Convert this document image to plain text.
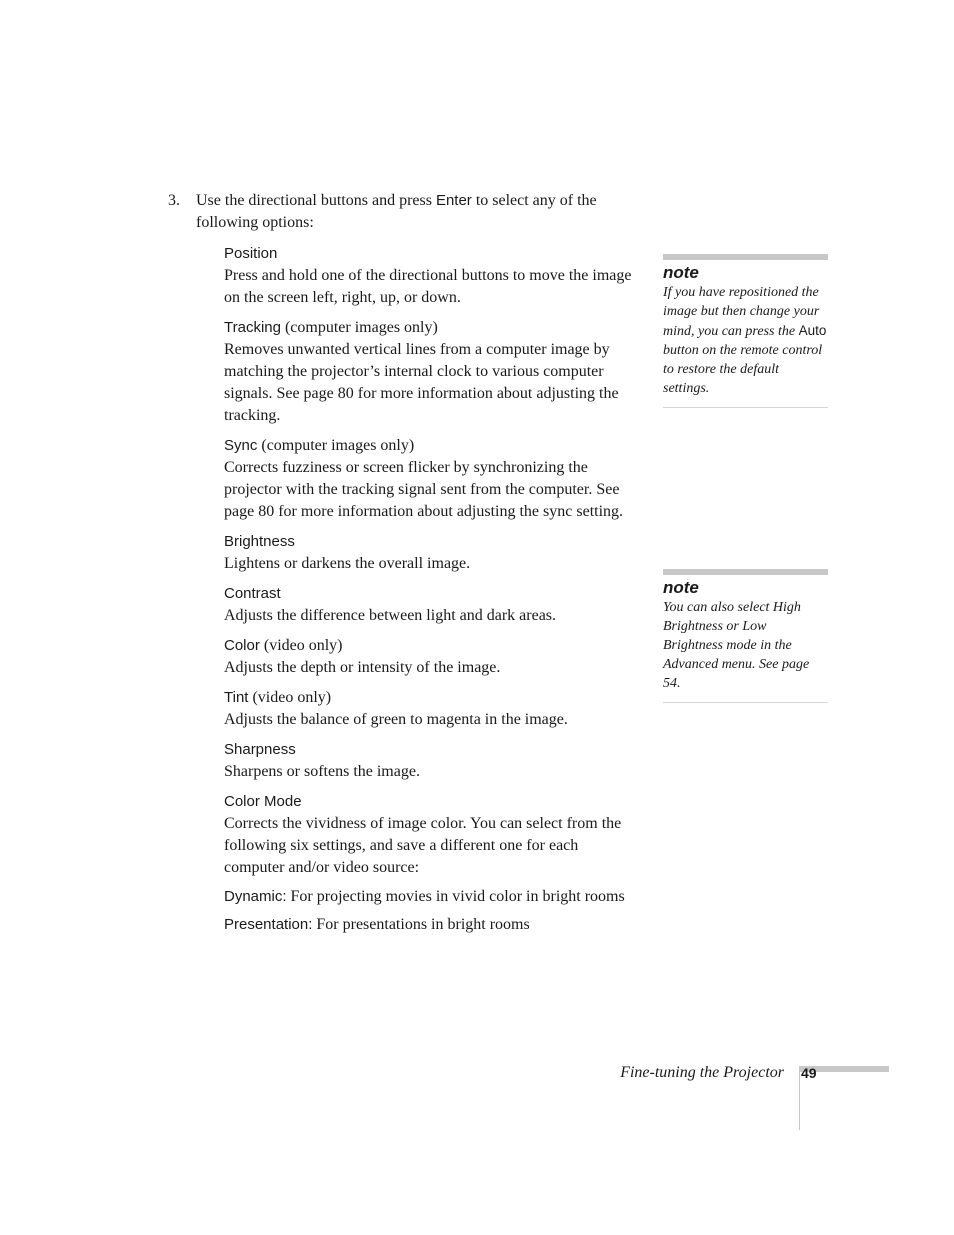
3. Use the directional buttons and press Enter to select any of the following options:
Position
Press and hold one of the directional buttons to move the image on the screen left, right, up, or down.
Tracking (computer images only)
Removes unwanted vertical lines from a computer image by matching the projector’s internal clock to various computer signals. See page 80 for more information about adjusting the tracking.
Sync (computer images only)
Corrects fuzziness or screen flicker by synchronizing the projector with the tracking signal sent from the computer. See page 80 for more information about adjusting the sync setting.
Brightness
Lightens or darkens the overall image.
Contrast
Adjusts the difference between light and dark areas.
Color (video only)
Adjusts the depth or intensity of the image.
Tint (video only)
Adjusts the balance of green to magenta in the image.
Sharpness
Sharpens or softens the image.
Color Mode
Corrects the vividness of image color. You can select from the following six settings, and save a different one for each computer and/or video source:
Dynamic: For projecting movies in vivid color in bright rooms
Presentation: For presentations in bright rooms
note
If you have repositioned the image but then change your mind, you can press the Auto button on the remote control to restore the default settings.
note
You can also select High Brightness or Low Brightness mode in the Advanced menu. See page 54.
Fine-tuning the Projector 49
